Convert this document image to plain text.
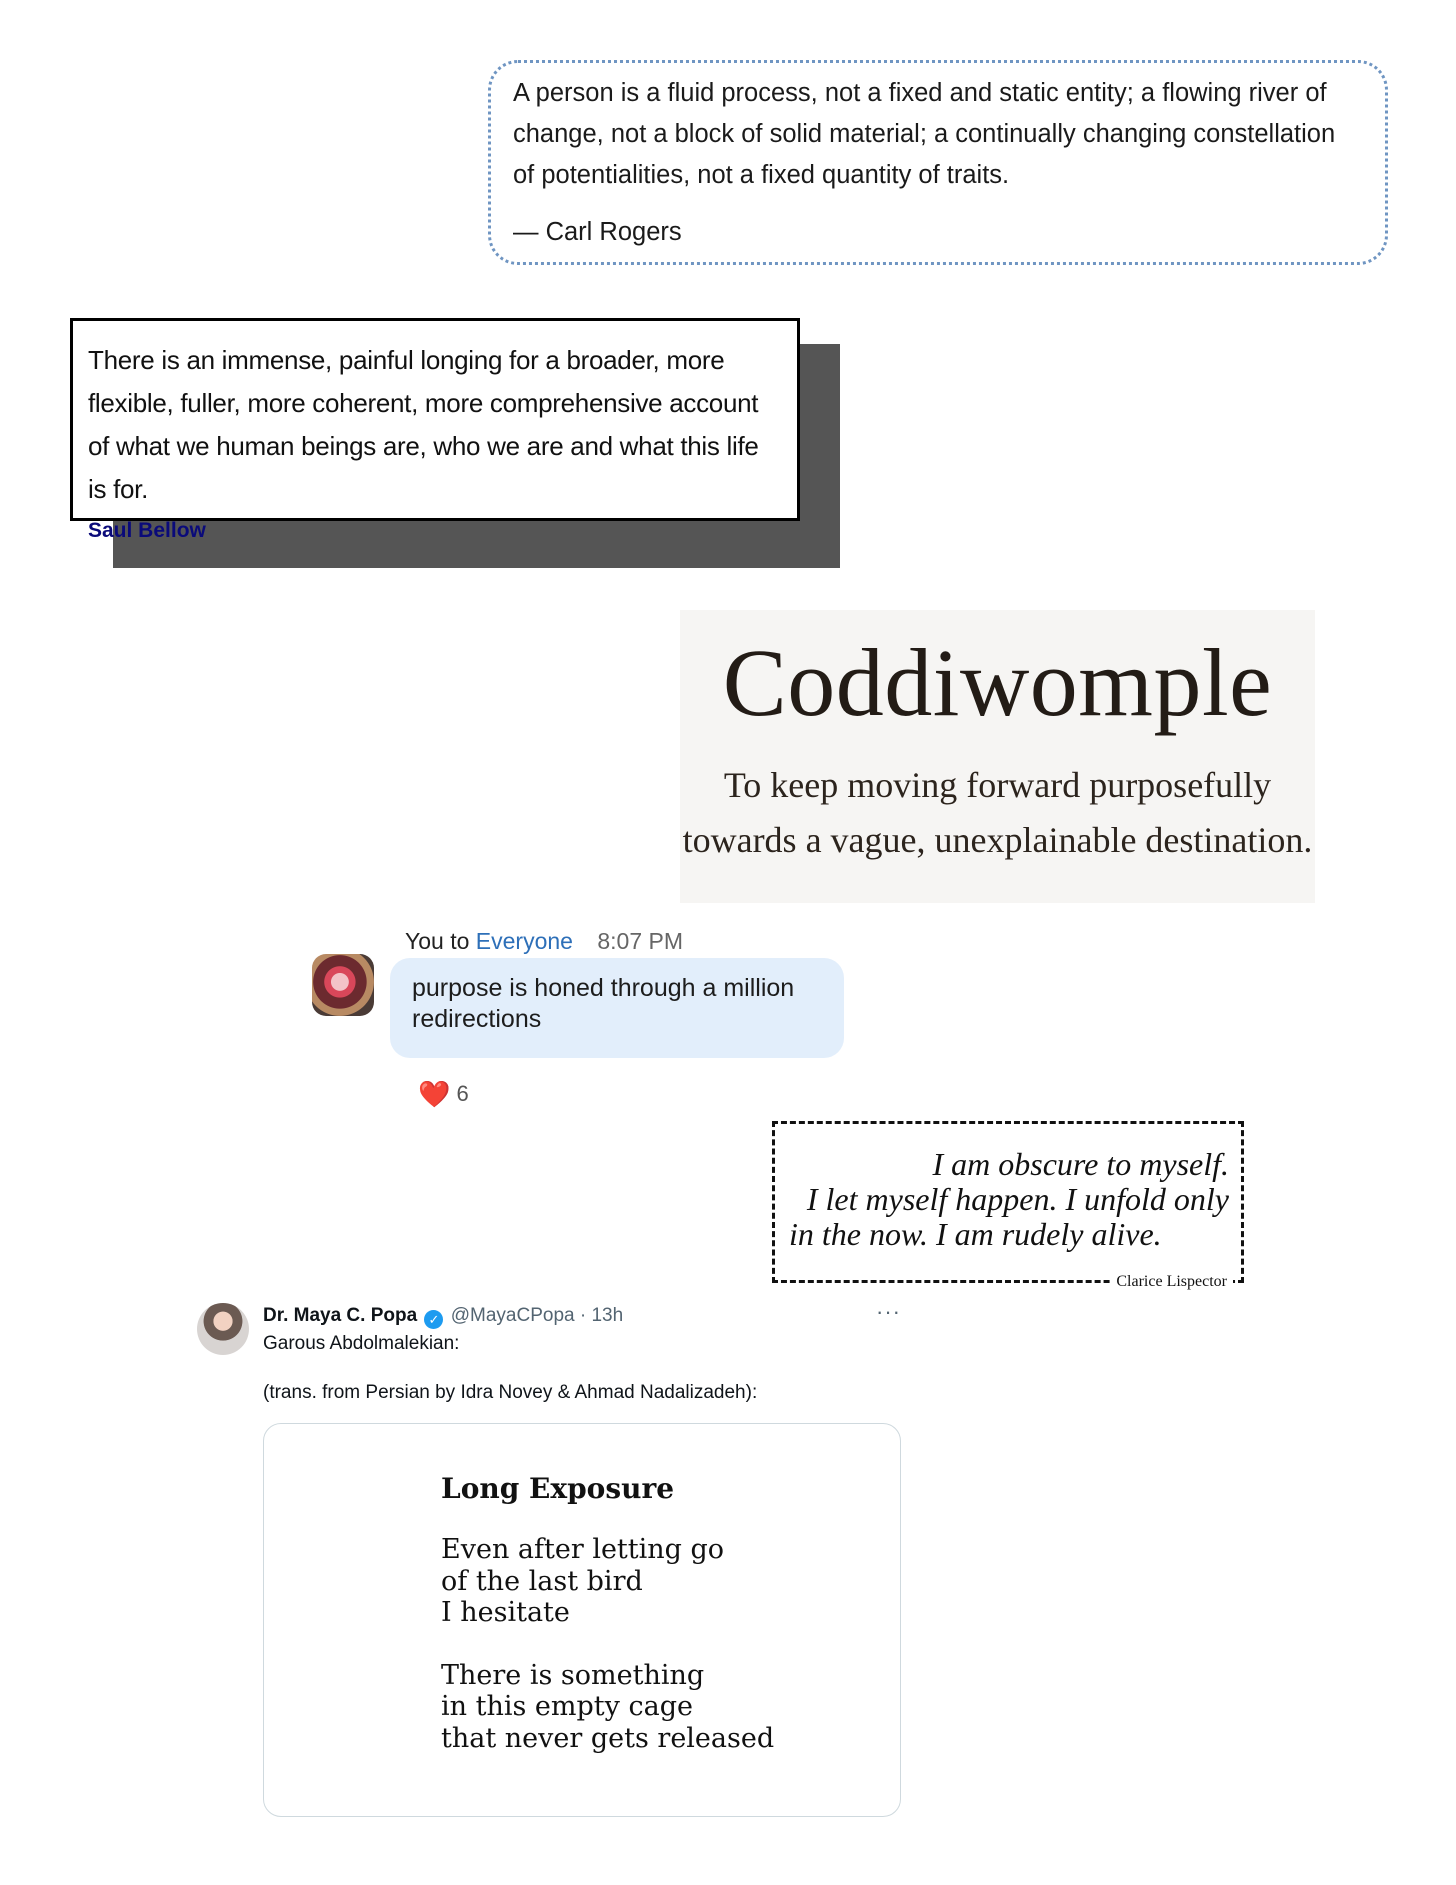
A person is a fluid process, not a fixed and static entity; a flowing river of change, not a block of solid material; a continually changing constellation of potentialities, not a fixed quantity of traits.

— Carl Rogers

There is an immense, painful longing for a broader, more flexible, fuller, more coherent, more comprehensive account of what we human beings are, who we are and what this life is for.

Saul Bellow
Coddiwomple
To keep moving forward purposefully
towards a vague, unexplainable destination.
You to Everyone 8:07 PM
purpose is honed through a million redirections
❤️ 6

I am obscure to myself.
I let myself happen. I unfold only
in the now. I am rudely alive.

Clarice Lispector
Dr. Maya C. Popa ✓ @MayaCPopa · 13h	···
Garous Abdolmalekian:
(trans. from Persian by Idra Novey & Ahmad Nadalizadeh):
Long Exposure
Even after letting go
of the last bird
I hesitate
There is something
in this empty cage
that never gets released
